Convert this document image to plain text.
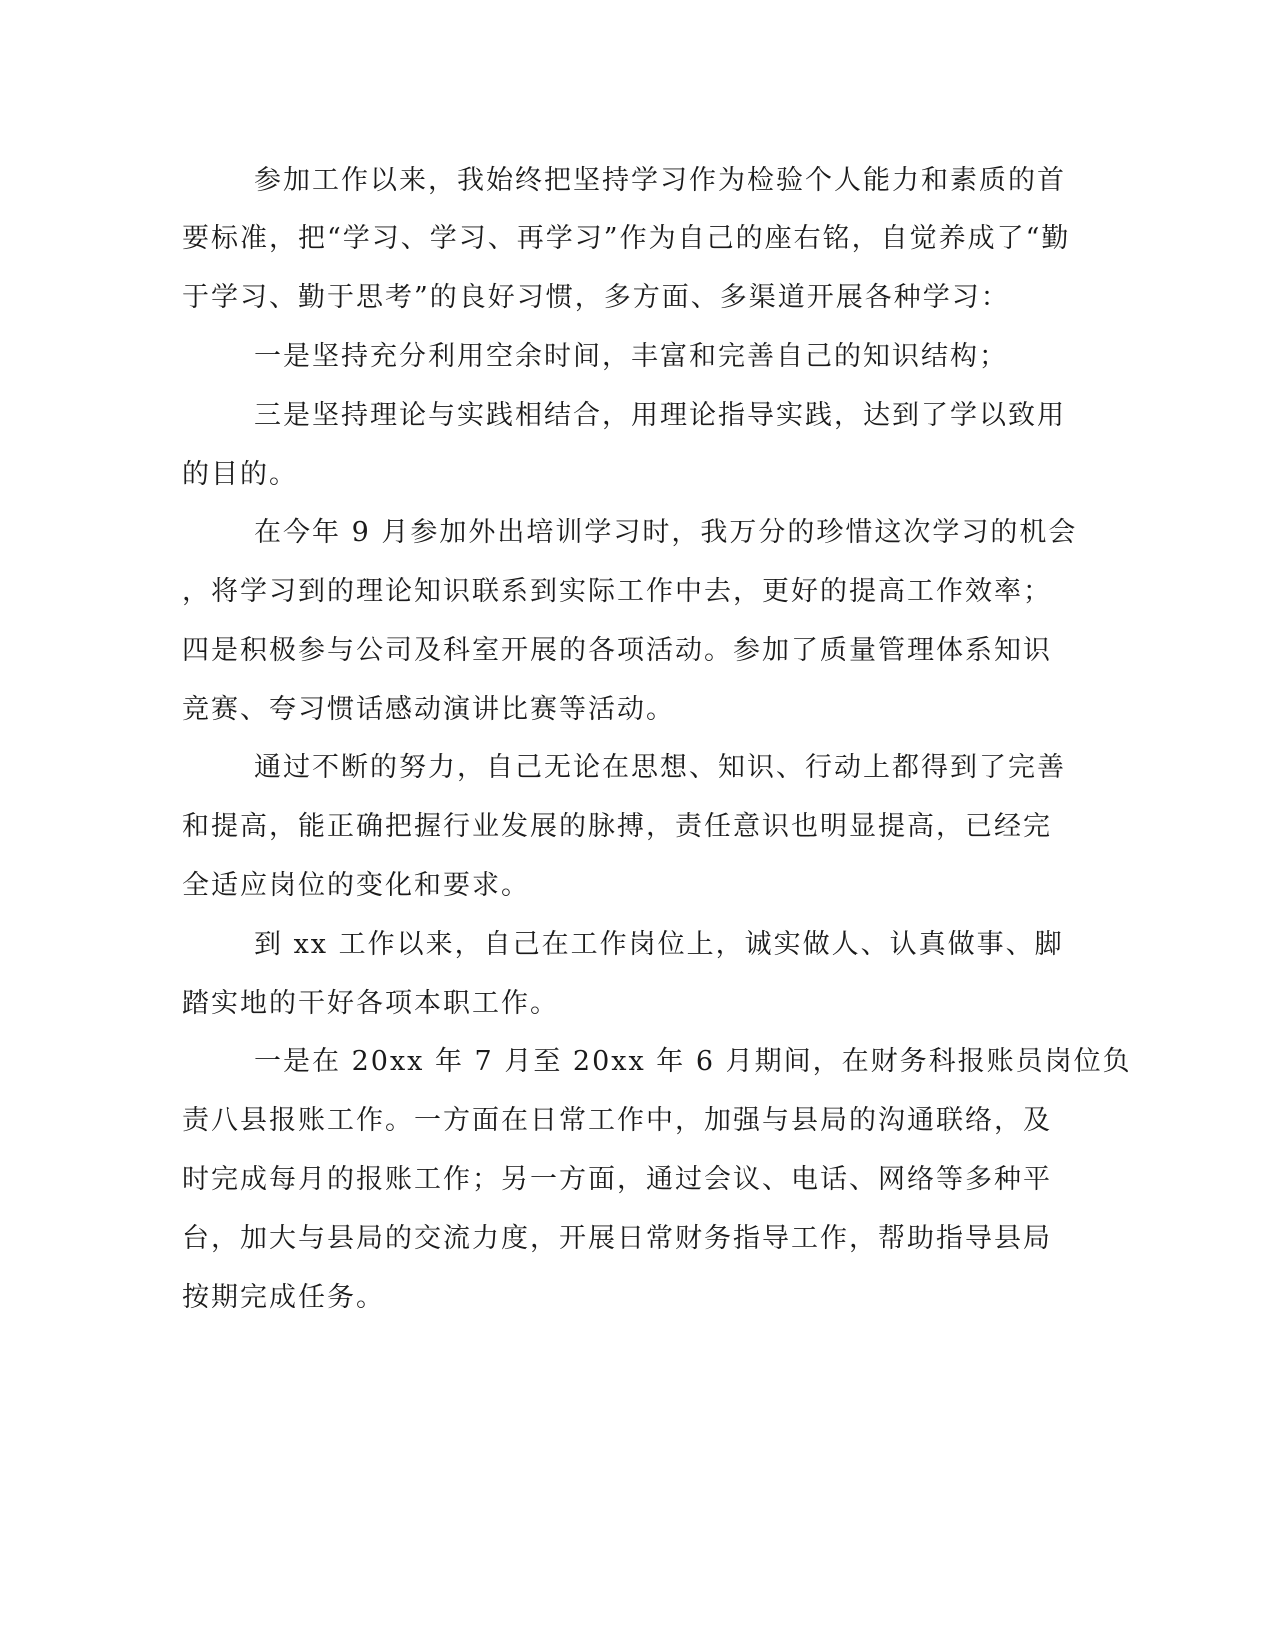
参加工作以来，我始终把坚持学习作为检验个人能力和素质的首
要标准，把“学习、学习、再学习”作为自己的座右铭，自觉养成了“勤
于学习、勤于思考”的良好习惯，多方面、多渠道开展各种学习：
一是坚持充分利用空余时间，丰富和完善自己的知识结构；
三是坚持理论与实践相结合，用理论指导实践，达到了学以致用
的目的。
在今年 9 月参加外出培训学习时，我万分的珍惜这次学习的机会
，将学习到的理论知识联系到实际工作中去，更好的提高工作效率；
四是积极参与公司及科室开展的各项活动。参加了质量管理体系知识
竞赛、夸习惯话感动演讲比赛等活动。
通过不断的努力，自己无论在思想、知识、行动上都得到了完善
和提高，能正确把握行业发展的脉搏，责任意识也明显提高，已经完
全适应岗位的变化和要求。
到 xx 工作以来，自己在工作岗位上，诚实做人、认真做事、脚
踏实地的干好各项本职工作。
一是在 20xx 年 7 月至 20xx 年 6 月期间，在财务科报账员岗位负
责八县报账工作。一方面在日常工作中，加强与县局的沟通联络，及
时完成每月的报账工作；另一方面，通过会议、电话、网络等多种平
台，加大与县局的交流力度，开展日常财务指导工作，帮助指导县局
按期完成任务。
